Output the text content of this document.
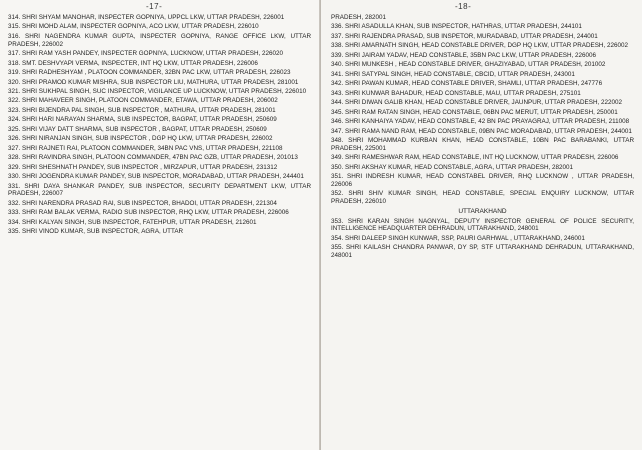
-17-
314. SHRI SHYAM MANOHAR, INSPECTER GOPNIYA, UPPCL LKW, UTTAR PRADESH, 226001
315. SHRI MOHD ALAM, INSPECTER GOPNIYA, ACO LKW, UTTAR PRADESH, 226010
316. SHRI NAGENDRA KUMAR GUPTA, INSPECTER GOPNIYA, RANGE OFFICE LKW, UTTAR PRADESH, 226002
317. SHRI RAM YASH PANDEY, INSPECTER GOPNIYA, LUCKNOW, UTTAR PRADESH, 226020
318. SMT. DESHVYAPI VERMA, INSPECTER, INT HQ LKW, UTTAR PRADESH, 226006
319. SHRI RADHESHYAM , PLATOON COMMANDER, 32BN PAC LKW, UTTAR PRADESH, 226023
320. SHRI PRAMOD KUMAR MISHRA, SUB INSPECTOR LIU, MATHURA, UTTAR PRADESH, 281001
321. SHRI SUKHPAL SINGH, SUC INSPECTOR, VIGILANCE UP LUCKNOW, UTTAR PRADESH, 226010
322. SHRI MAHAVEER SINGH, PLATOON COMMANDER, ETAWA, UTTAR PRADESH, 206002
323. SHRI BIJENDRA PAL SINGH, SUB INSPECTOR , MATHURA, UTTAR PRADESH, 281001
324. SHRI HARI NARAYAN SHARMA, SUB INSPECTOR, BAGPAT, UTTAR PRADESH, 250609
325. SHRI VIJAY DATT SHARMA, SUB INSPECTOR , BAGPAT, UTTAR PRADESH, 250609
326. SHRI NIRANJAN SINGH, SUB INSPECTOR , DGP HQ LKW, UTTAR PRADESH, 226002
327. SHRI RAJNETI RAI, PLATOON COMMANDER, 34BN PAC VNS, UTTAR PRADESH, 221108
328. SHRI RAVINDRA SINGH, PLATOON COMMANDER, 47BN PAC GZB, UTTAR PRADESH, 201013
329. SHRI SHESHNATH PANDEY, SUB INSPECTOR , MIRZAPUR, UTTAR PRADESH, 231312
330. SHRI JOGENDRA KUMAR PANDEY, SUB INSPECTOR, MORADABAD, UTTAR PRADESH, 244401
331. SHRI DAYA SHANKAR PANDEY, SUB INSPECTOR, SECURITY DEPARTMENT LKW, UTTAR PRADESH, 226007
332. SHRI NARENDRA PRASAD RAI, SUB INSPECTOR, BHADOI, UTTAR PRADESH, 221304
333. SHRI RAM BALAK VERMA, RADIO SUB INSPECTOR, RHQ LKW, UTTAR PRADESH, 226006
334. SHRI KALYAN SINGH, SUB INSPECTOR, FATEHPUR, UTTAR PRADESH, 212601
335. SHRI VINOD KUMAR, SUB INSPECTOR, AGRA, UTTAR
-18-
PRADESH, 282001
336. SHRI ASADULLA KHAN, SUB INSPECTOR, HATHRAS, UTTAR PRADESH, 244101
337. SHRI RAJENDRA PRASAD, SUB INSPETOR, MURADABAD, UTTAR PRADESH, 244001
338. SHRI AMARNATH SINGH, HEAD CONSTABLE DRIVER, DGP HQ LKW, UTTAR PRADESH, 226002
339. SHRI JAIRAM YADAV, HEAD CONSTABLE, 35BN PAC LKW, UTTAR PRADESH, 226006
340. SHRI MUNKESH , HEAD CONSTABLE DRIVER, GHAZIYABAD, UTTAR PRADESH, 201002
341. SHRI SATYPAL SINGH, HEAD CONSTABLE, CBCID, UTTAR PRADESH, 243001
342. SHRI PAWAN KUMAR, HEAD CONSTABLE DRIVER, SHAMLI, UTTAR PRADESH, 247776
343. SHRI KUNWAR BAHADUR, HEAD CONSTABLE, MAU, UTTAR PRADESH, 275101
344. SHRI DIWAN GALIB KHAN, HEAD CONSTABLE DRIVER, JAUNPUR, UTTAR PRADESH, 222002
345. SHRI RAM RATAN SINGH, HEAD CONSTABLE, 06BN PAC MERUT, UTTAR PRADESH, 250001
346. SHRI KANHAIYA YADAV, HEAD CONSTABLE, 42 BN PAC PRAYAGRAJ, UTTAR PRADESH, 211008
347. SHRI RAMA NAND RAM, HEAD CONSTABLE, 09BN PAC MORADABAD, UTTAR PRADESH, 244001
348. SHRI MOHAMMAD KURBAN KHAN, HEAD CONSTABLE, 10BN PAC BARABANKI, UTTAR PRADESH, 225001
349. SHRI RAMESHWAR RAM, HEAD CONSTABLE, INT HQ LUCKNOW, UTTAR PRADESH, 226006
350. SHRI AKSHAY KUMAR, HEAD CONSTABLE, AGRA, UTTAR PRADESH, 282001
351. SHRI INDRESH KUMAR, HEAD CONSTABEL DRIVER, RHQ LUCKNOW , UTTAR PRADESH, 226006
352. SHRI SHIV KUMAR SINGH, HEAD CONSTABLE, SPECIAL ENQUIRY LUCKNOW, UTTAR PRADESH, 226010
UTTARAKHAND
353. SHRI KARAN SINGH NAGNYAL, DEPUTY INSPECTOR GENERAL OF POLICE SECURITY, INTELLIGENCE HEADQUARTER DEHRADUN, UTTARAKHAND, 248001
354. SHRI DALEEP SINGH KUNWAR, SSP, PAURI GARHWAL , UTTARAKHAND, 246001
355. SHRI KAILASH CHANDRA PANWAR, DY SP, STF UTTARAKHAND DEHRADUN, UTTARAKHAND, 248001
